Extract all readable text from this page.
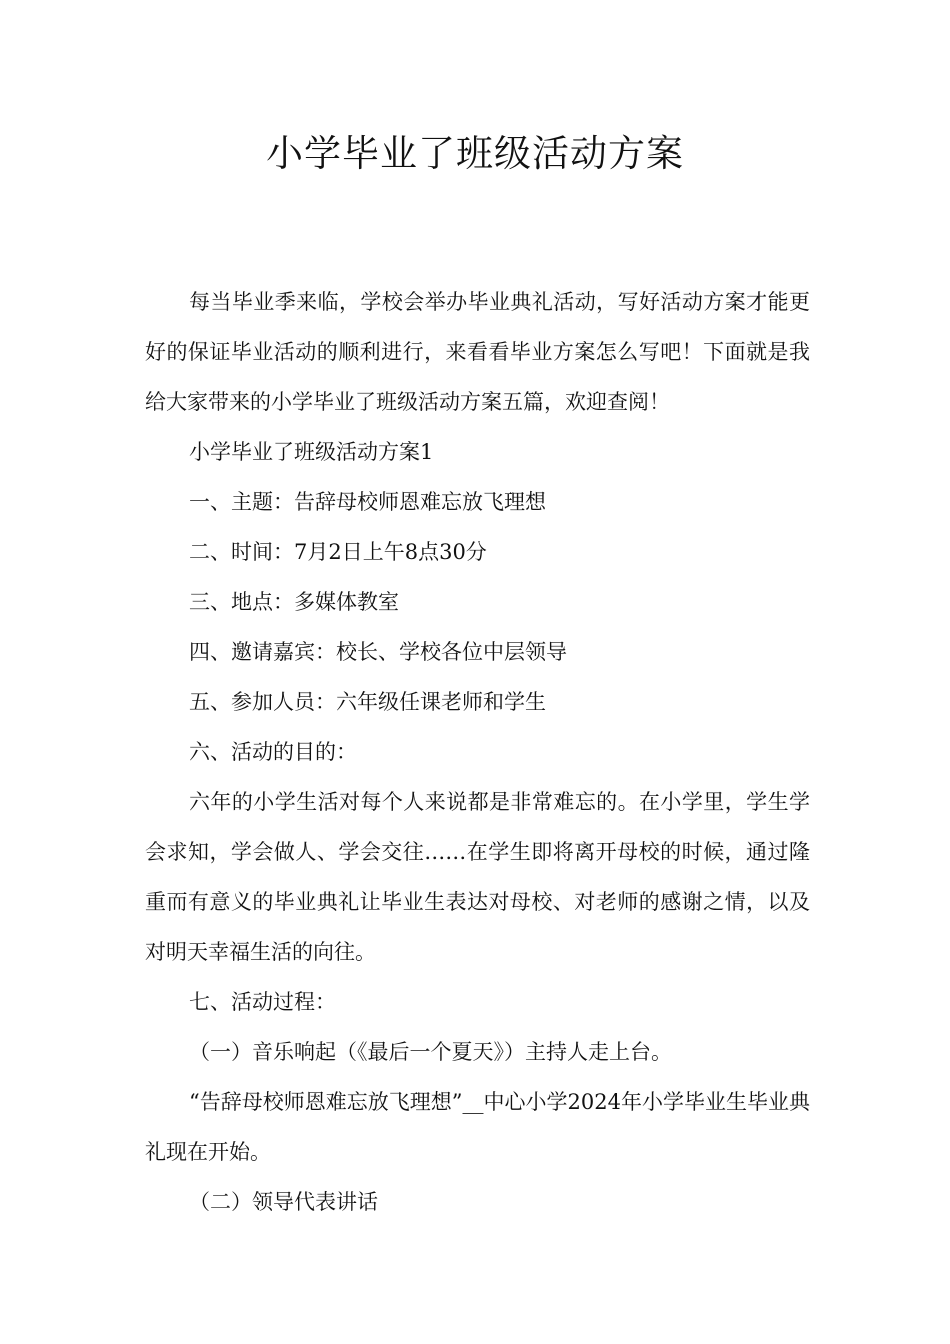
小学毕业了班级活动方案

每当毕业季来临，学校会举办毕业典礼活动，写好活动方案才能更好的保证毕业活动的顺利进行，来看看毕业方案怎么写吧！下面就是我给大家带来的小学毕业了班级活动方案五篇，欢迎查阅！

小学毕业了班级活动方案1

一、主题：告辞母校师恩难忘放飞理想

二、时间：7月2日上午8点30分

三、地点：多媒体教室

四、邀请嘉宾：校长、学校各位中层领导

五、参加人员：六年级任课老师和学生

六、活动的目的：

六年的小学生活对每个人来说都是非常难忘的。在小学里，学生学会求知，学会做人、学会交往……在学生即将离开母校的时候，通过隆重而有意义的毕业典礼让毕业生表达对母校、对老师的感谢之情，以及对明天幸福生活的向往。

七、活动过程：

（一）音乐响起（《最后一个夏天》）主持人走上台。

“告辞母校师恩难忘放飞理想”__中心小学2024年小学毕业生毕业典礼现在开始。

（二）领导代表讲话
